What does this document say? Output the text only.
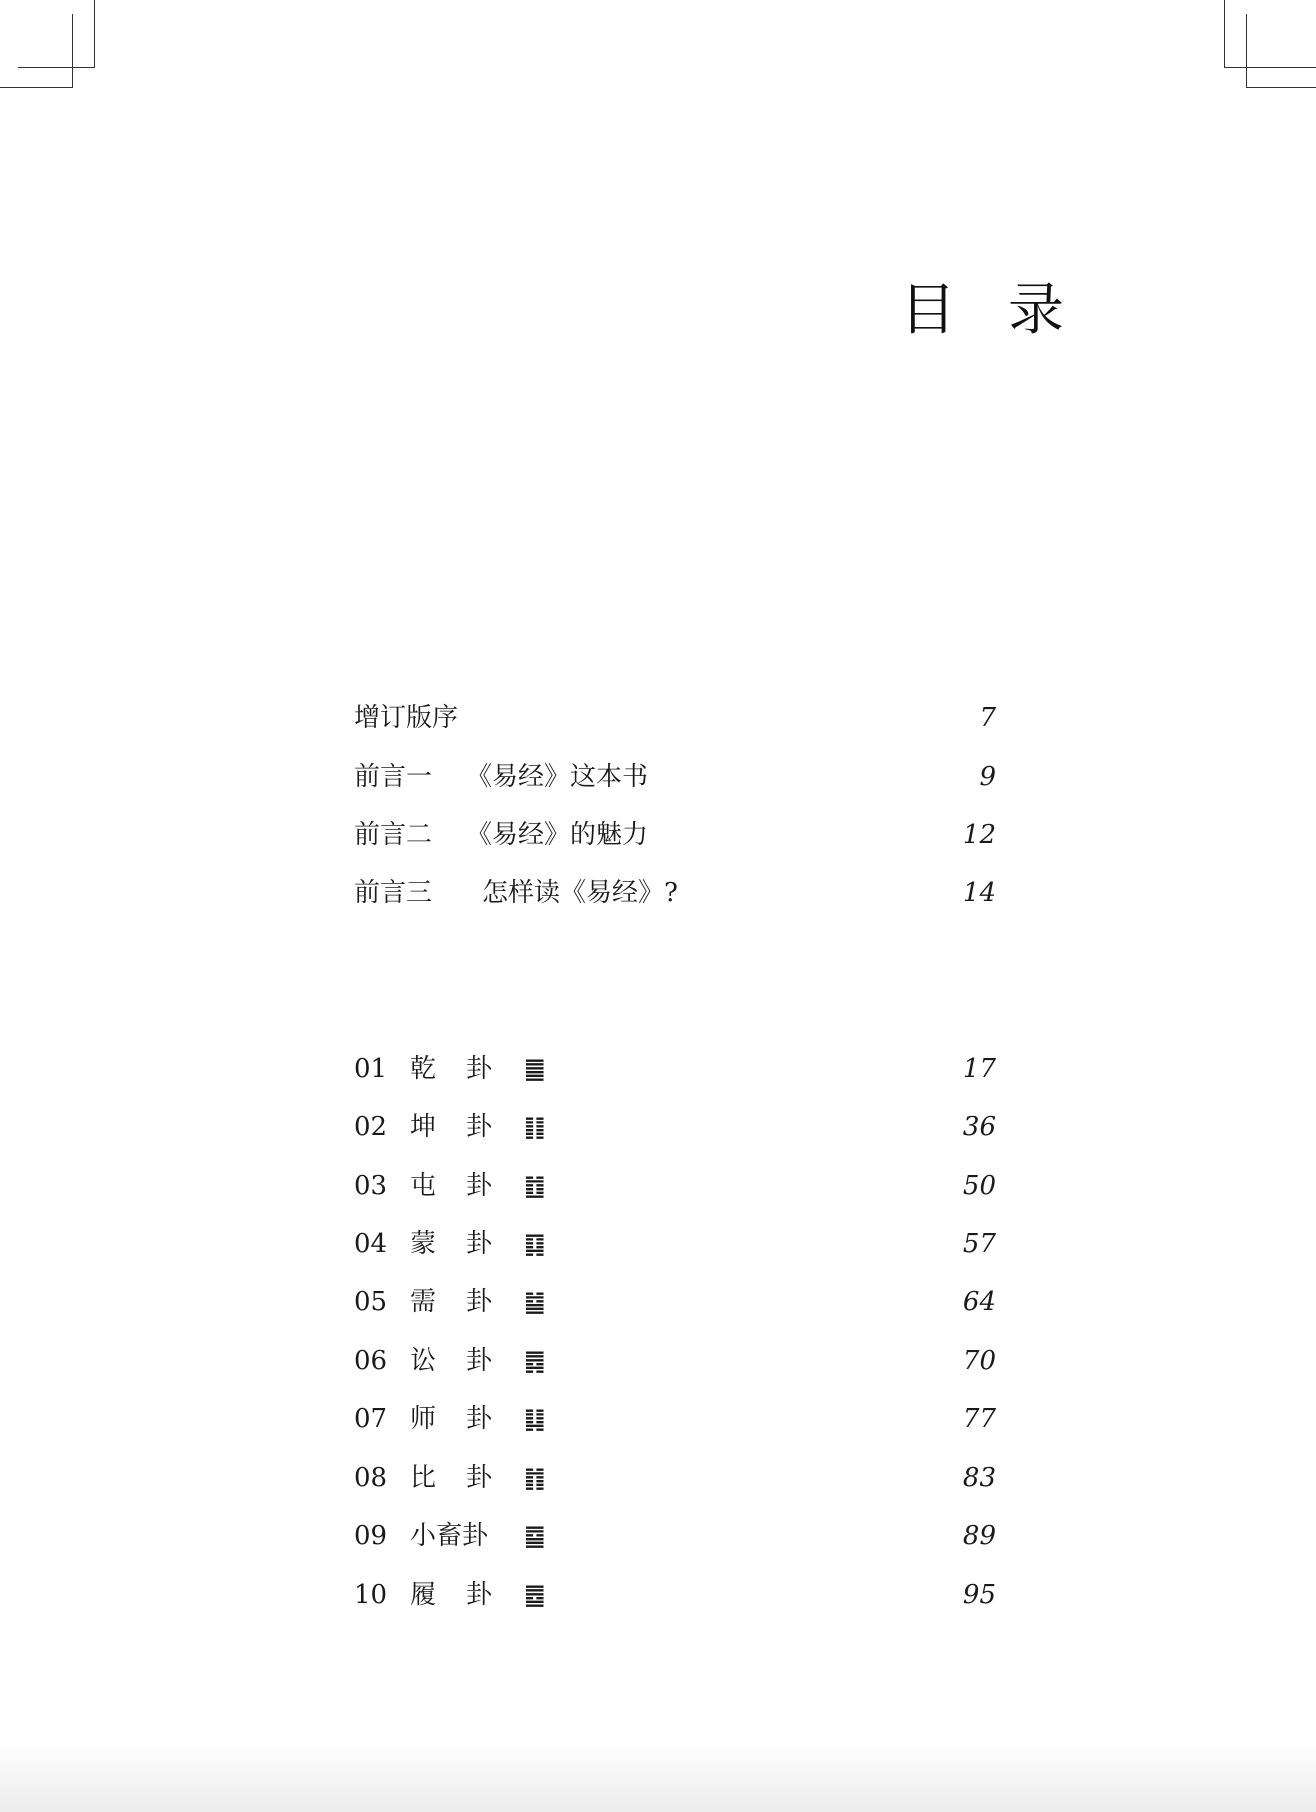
目 录
增订版序	7
前言一 《易经》这本书	9
前言二 《易经》的魅力	12
前言三 怎样读《易经》?	14
01 乾 卦 ䷀	17
02 坤 卦 ䷁	36
03 屯 卦 ䷂	50
04 蒙 卦 ䷃	57
05 需 卦 ䷄	64
06 讼 卦 ䷅	70
07 师 卦 ䷆	77
08 比 卦 ䷇	83
09 小畜卦 ䷈	89
10 履 卦 ䷉	95
